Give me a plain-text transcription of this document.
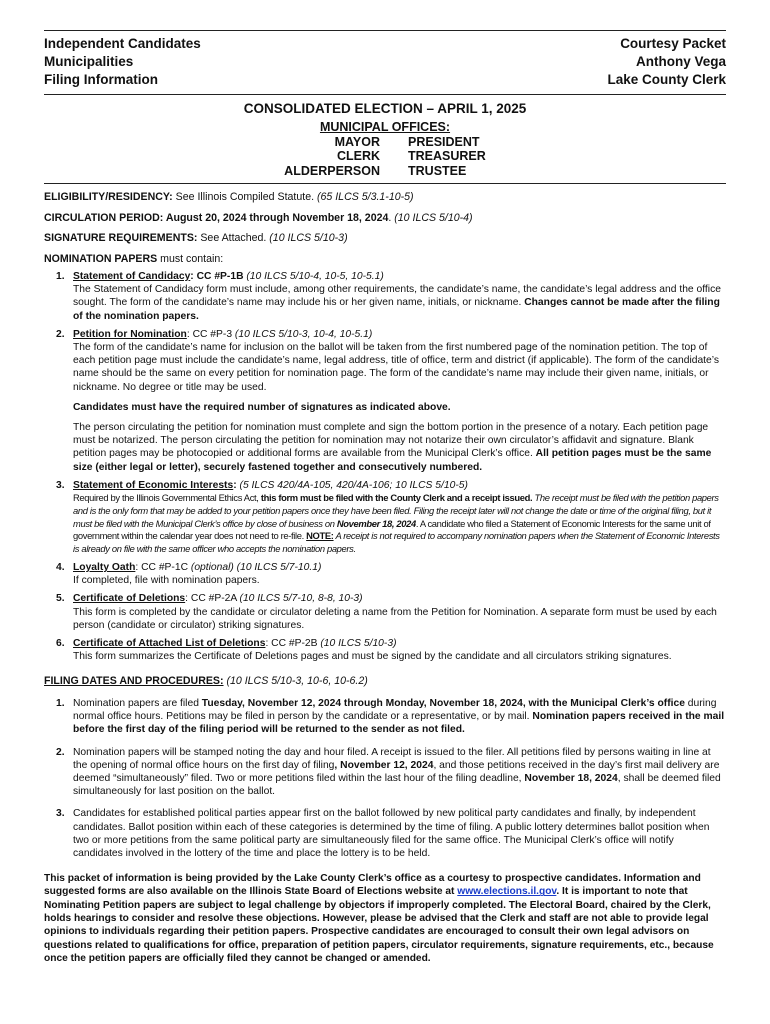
Independent Candidates
Municipalities
Filing Information
Courtesy Packet
Anthony Vega
Lake County Clerk
CONSOLIDATED ELECTION – APRIL 1, 2025
MUNICIPAL OFFICES:
MAYOR	PRESIDENT
CLERK	TREASURER
ALDERPERSON	TRUSTEE

ELIGIBILITY/RESIDENCY: See Illinois Compiled Statute. (65 ILCS 5/3.1-10-5)

CIRCULATION PERIOD: August 20, 2024 through November 18, 2024. (10 ILCS 5/10-4)

SIGNATURE REQUIREMENTS: See Attached. (10 ILCS 5/10-3)

NOMINATION PAPERS must contain:

1. Statement of Candidacy: CC #P-1B (10 ILCS 5/10-4, 10-5, 10-5.1)
The Statement of Candidacy form must include, among other requirements, the candidate’s name, the candidate’s legal address and the office sought. The form of the candidate’s name may include his or her given name, initials, or nickname. Changes cannot be made after the filing of the nomination papers.
2. Petition for Nomination: CC #P-3 (10 ILCS 5/10-3, 10-4, 10-5.1)
The form of the candidate’s name for inclusion on the ballot will be taken from the first numbered page of the nomination petition. The top of each petition page must include the candidate’s name, legal address, title of office, term and district (if applicable). The form of the candidate’s name should be the same on every petition for nomination page. The form of the candidate’s name may include their given name, initials, or nickname. No degree or title may be used.
Candidates must have the required number of signatures as indicated above.
The person circulating the petition for nomination must complete and sign the bottom portion in the presence of a notary. Each petition page must be notarized. The person circulating the petition for nomination may not notarize their own circulator’s affidavit and signature. Blank petition pages may be photocopied or additional forms are available from the Municipal Clerk’s office. All petition pages must be the same size (either legal or letter), securely fastened together and consecutively numbered.
3. Statement of Economic Interests: (5 ILCS 420/4A-105, 420/4A-106; 10 ILCS 5/10-5)
Required by the Illinois Governmental Ethics Act, this form must be filed with the County Clerk and a receipt issued. The receipt must be filed with the petition papers and is the only form that may be added to your petition papers once they have been filed. Filing the receipt later will not change the date or time of the original filing, but it must be filed with the Municipal Clerk’s office by close of business on November 18, 2024. A candidate who filed a Statement of Economic Interests for the same unit of government within the calendar year does not need to re-file. NOTE: A receipt is not required to accompany nomination papers when the Statement of Economic Interests is already on file with the same officer who accepts the nomination papers.
4. Loyalty Oath: CC #P-1C (optional) (10 ILCS 5/7-10.1)
If completed, file with nomination papers.
5. Certificate of Deletions: CC #P-2A (10 ILCS 5/7-10, 8-8, 10-3)
This form is completed by the candidate or circulator deleting a name from the Petition for Nomination. A separate form must be used by each person (candidate or circulator) striking signatures.
6. Certificate of Attached List of Deletions: CC #P-2B (10 ILCS 5/10-3)
This form summarizes the Certificate of Deletions pages and must be signed by the candidate and all circulators striking signatures.

FILING DATES AND PROCEDURES: (10 ILCS 5/10-3, 10-6, 10-6.2)

1. Nomination papers are filed Tuesday, November 12, 2024 through Monday, November 18, 2024, with the Municipal Clerk’s office during normal office hours. Petitions may be filed in person by the candidate or a representative, or by mail. Nomination papers received in the mail before the first day of the filing period will be returned to the sender as not filed.
2. Nomination papers will be stamped noting the day and hour filed. A receipt is issued to the filer. All petitions filed by persons waiting in line at the opening of normal office hours on the first day of filing, November 12, 2024, and those petitions received in the day’s first mail delivery are deemed “simultaneously” filed. Two or more petitions filed within the last hour of the filing deadline, November 18, 2024, shall be deemed filed simultaneously for last position on the ballot.
3. Candidates for established political parties appear first on the ballot followed by new political party candidates and finally, by independent candidates. Ballot position within each of these categories is determined by the time of filing. A public lottery determines ballot position when two or more petitions from the same political party are simultaneously filed for the same office. The Municipal Clerk’s office will notify candidates involved in the lottery of the time and place the lottery is to be held.
This packet of information is being provided by the Lake County Clerk’s office as a courtesy to prospective candidates. Information and suggested forms are also available on the Illinois State Board of Elections website at www.elections.il.gov. It is important to note that Nominating Petition papers are subject to legal challenge by objectors if improperly completed. The Electoral Board, chaired by the Clerk, holds hearings to consider and resolve these objections. However, please be advised that the Clerk and staff are not able to provide legal opinions to individuals regarding their petition papers. Prospective candidates are encouraged to consult their own legal advisors on questions related to qualifications for office, preparation of petition papers, circulator requirements, signature requirements, etc., because once the petition papers are officially filed they cannot be changed or amended.
